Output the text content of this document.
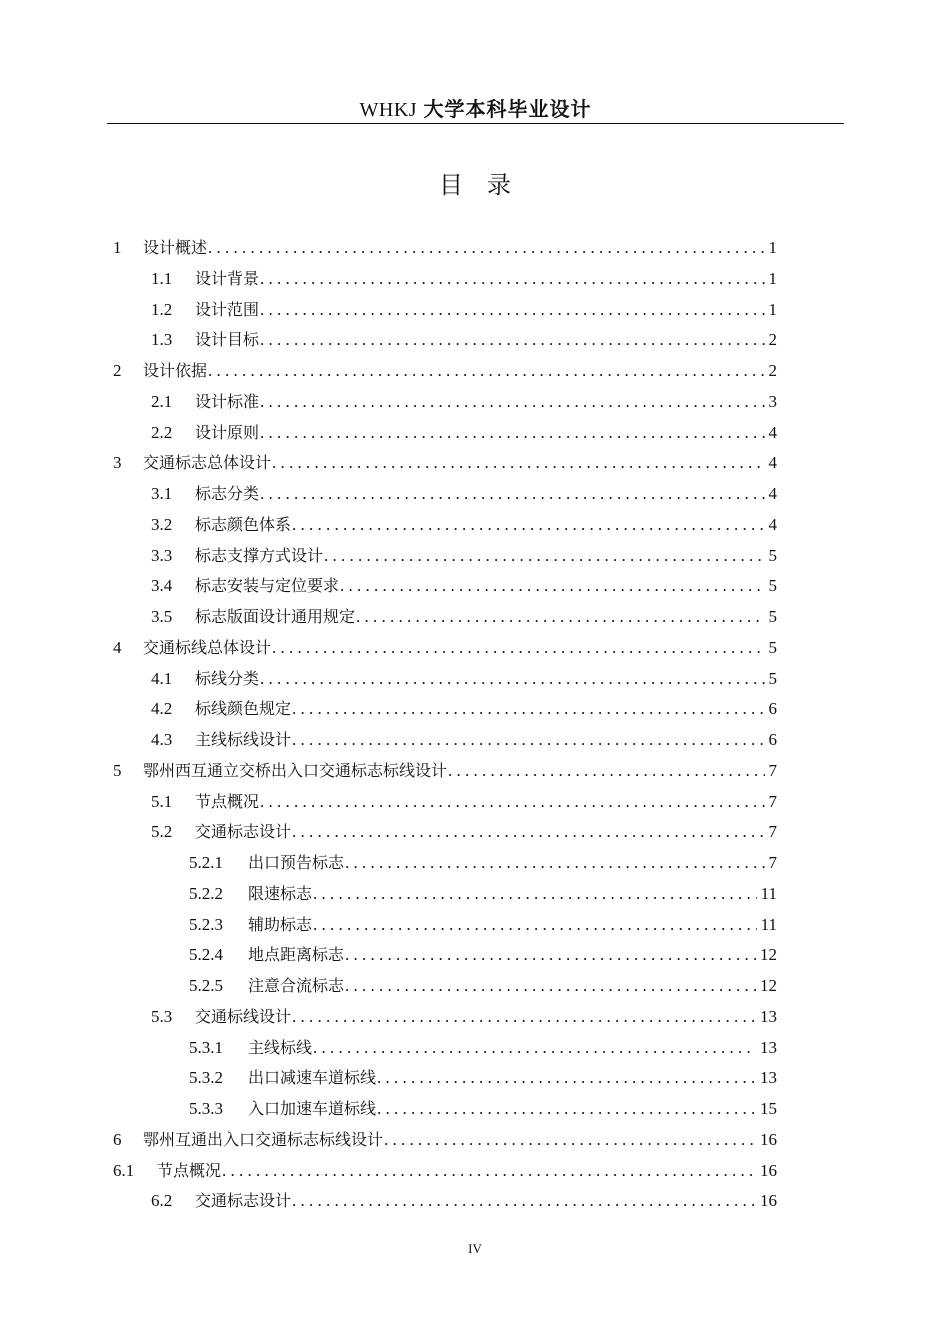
WHKJ 大学本科毕业设计
目录
1	设计概述 . . .	1
1.1	设计背景 . . .	1
1.2	设计范围 . . .	1
1.3	设计目标 . . .	2
2	设计依据 . . .	2
2.1	设计标准 . . .	3
2.2	设计原则 . . .	4
3	交通标志总体设计 . . .	4
3.1	标志分类 . . .	4
3.2	标志颜色体系 . . .	4
3.3	标志支撑方式设计 . . .	5
3.4	标志安装与定位要求 . . .	5
3.5	标志版面设计通用规定 . . .	5
4	交通标线总体设计 . . .	5
4.1	标线分类 . . .	5
4.2	标线颜色规定 . . .	6
4.3	主线标线设计 . . .	6
5	鄂州西互通立交桥出入口交通标志标线设计 . . .	7
5.1	节点概况 . . .	7
5.2	交通标志设计 . . .	7
5.2.1	出口预告标志 . . .	7
5.2.2	限速标志 . . .	11
5.2.3	辅助标志 . . .	11
5.2.4	地点距离标志 . . .	12
5.2.5	注意合流标志 . . .	12
5.3	交通标线设计 . . .	13
5.3.1	主线标线 . . .	13
5.3.2	出口减速车道标线 . . .	13
5.3.3	入口加速车道标线 . . .	15
6	鄂州互通出入口交通标志标线设计 . . .	16
6.1	节点概况 . . .	16
6.2	交通标志设计 . . .	16
IV
